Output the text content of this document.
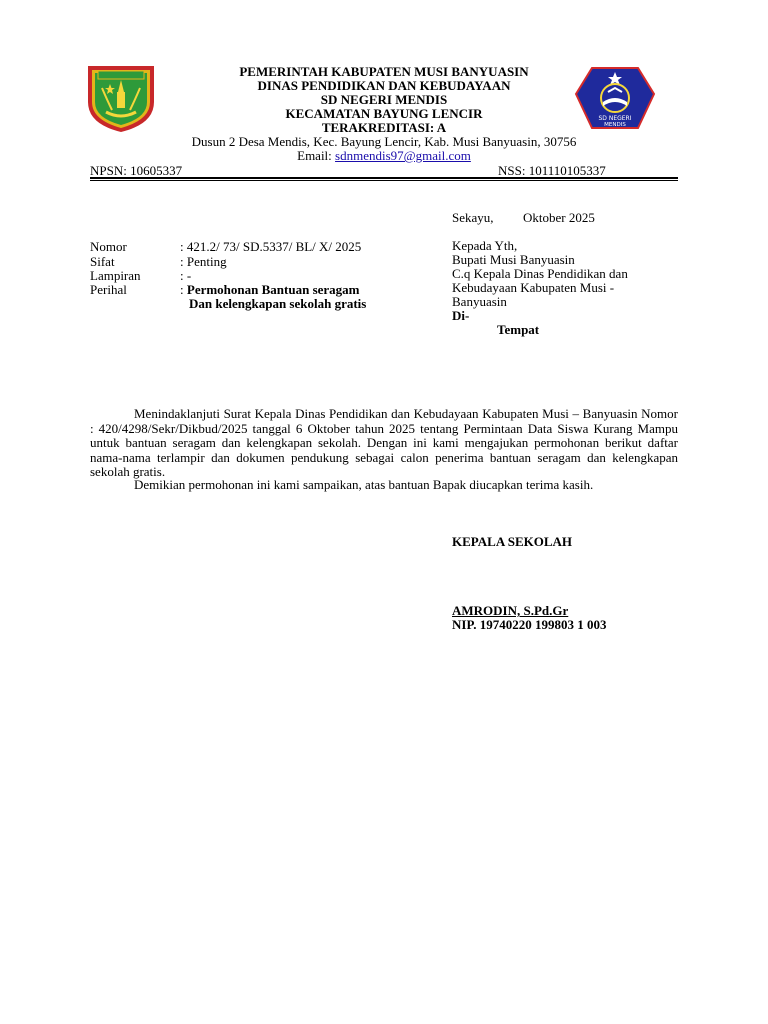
SD NEGERI
MENDIS
PEMERINTAH KABUPATEN MUSI BANYUASIN
DINAS PENDIDIKAN DAN KEBUDAYAAN
SD NEGERI MENDIS
KECAMATAN BAYUNG LENCIR
TERAKREDITASI: A
Dusun 2 Desa Mendis, Kec. Bayung Lencir, Kab. Musi Banyuasin, 30756
Email: sdnmendis97@gmail.com
NPSN: 10605337	NSS: 101110105337
Sekayu, Oktober 2025
Nomor	: 421.2/ 73/ SD.5337/ BL/ X/ 2025
Sifat	: Penting
Lampiran	: -
Perihal	: Permohonan Bantuan seragam
Dan kelengkapan sekolah gratis
Kepada Yth,
Bupati Musi Banyuasin
C.q Kepala Dinas Pendidikan dan
Kebudayaan Kabupaten Musi -
Banyuasin
Di-
Tempat
Menindaklanjuti Surat Kepala Dinas Pendidikan dan Kebudayaan Kabupaten Musi – Banyuasin Nomor : 420/4298/Sekr/Dikbud/2025 tanggal 6 Oktober tahun 2025 tentang Permintaan Data Siswa Kurang Mampu untuk bantuan seragam dan kelengkapan sekolah. Dengan ini kami mengajukan permohonan berikut daftar nama-nama terlampir dan dokumen pendukung sebagai calon penerima bantuan seragam dan kelengkapan sekolah gratis.
Demikian permohonan ini kami sampaikan, atas bantuan Bapak diucapkan terima kasih.
KEPALA SEKOLAH
AMRODIN, S.Pd.Gr
NIP. 19740220 199803 1 003
